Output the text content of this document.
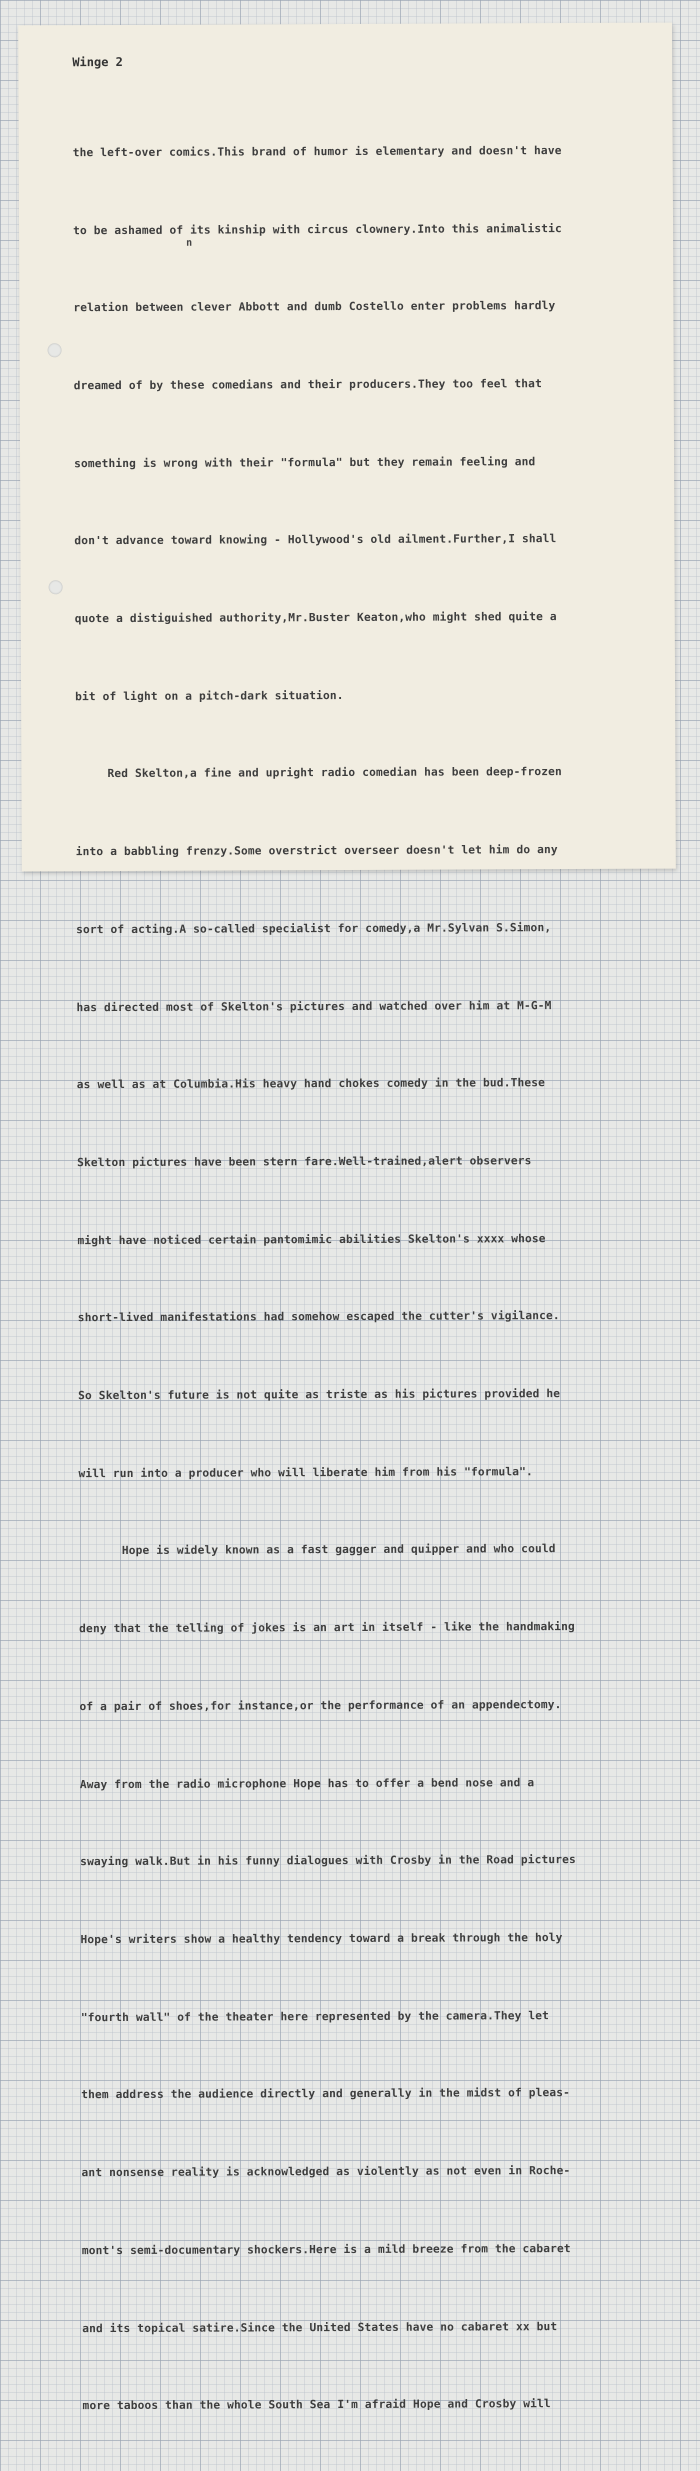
Winge 2
n

the left-over comics.This brand of humor is elementary and doesn't have

to be ashamed of its kinship with circus clownery.Into this animalistic

relation between clever Abbott and dumb Costello enter problems hardly

dreamed of by these comedians and their producers.They too feel that

something is wrong with their "formula" but they remain feeling and

don't advance toward knowing - Hollywood's old ailment.Further,I shall

quote a distiguished authority,Mr.Buster Keaton,who might shed quite a

bit of light on a pitch-dark situation.

Red Skelton,a fine and upright radio comedian has been deep-frozen

into a babbling frenzy.Some overstrict overseer doesn't let him do any

sort of acting.A so-called specialist for comedy,a Mr.Sylvan S.Simon,

has directed most of Skelton's pictures and watched over him at M-G-M

as well as at Columbia.His heavy hand chokes comedy in the bud.These

Skelton pictures have been stern fare.Well-trained,alert observers

might have noticed certain pantomimic abilities Skelton's xxxx whose

short-lived manifestations had somehow escaped the cutter's vigilance.

So Skelton's future is not quite as triste as his pictures provided he

will run into a producer who will liberate him from his "formula".

Hope is widely known as a fast gagger and quipper and who could

deny that the telling of jokes is an art in itself - like the handmaking

of a pair of shoes,for instance,or the performance of an appendectomy.

Away from the radio microphone Hope has to offer a bend nose and a

swaying walk.But in his funny dialogues with Crosby in the Road pictures

Hope's writers show a healthy tendency toward a break through the holy

"fourth wall" of the theater here represented by the camera.They let

them address the audience directly and generally in the midst of pleas-

ant nonsense reality is acknowledged as violently as not even in Roche-

mont's semi-documentary shockers.Here is a mild breeze from the cabaret

and its topical satire.Since the United States have no cabaret xx but

more taboos than the whole South Sea I'm afraid Hope and Crosby will
